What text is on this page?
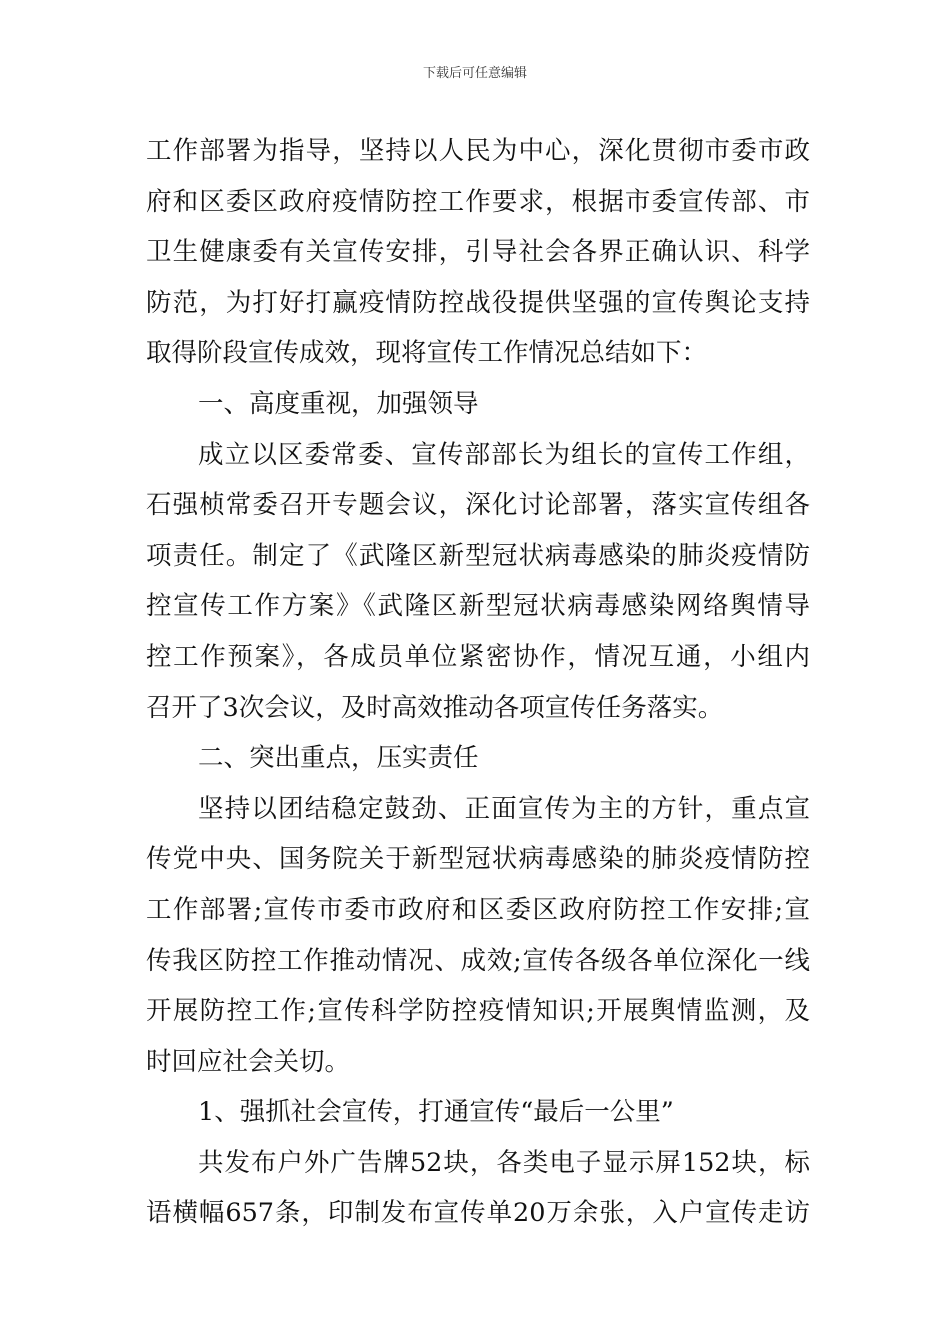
下载后可任意编辑
工作部署为指导，坚持以人民为中心，深化贯彻市委市政
府和区委区政府疫情防控工作要求，根据市委宣传部、市
卫生健康委有关宣传安排，引导社会各界正确认识、科学
防范，为打好打赢疫情防控战役提供坚强的宣传舆论支持
取得阶段宣传成效，现将宣传工作情况总结如下：
一、高度重视，加强领导
成立以区委常委、宣传部部长为组长的宣传工作组，
石强桢常委召开专题会议，深化讨论部署，落实宣传组各
项责任。制定了《武隆区新型冠状病毒感染的肺炎疫情防
控宣传工作方案》《武隆区新型冠状病毒感染网络舆情导
控工作预案》，各成员单位紧密协作，情况互通，小组内
召开了3次会议，及时高效推动各项宣传任务落实。
二、突出重点，压实责任
坚持以团结稳定鼓劲、正面宣传为主的方针，重点宣
传党中央、国务院关于新型冠状病毒感染的肺炎疫情防控
工作部署;宣传市委市政府和区委区政府防控工作安排;宣
传我区防控工作推动情况、成效;宣传各级各单位深化一线
开展防控工作;宣传科学防控疫情知识;开展舆情监测，及
时回应社会关切。
1、强抓社会宣传，打通宣传“最后一公里”
共发布户外广告牌52块，各类电子显示屏152块，标
语横幅657条，印制发布宣传单20万余张，入户宣传走访
